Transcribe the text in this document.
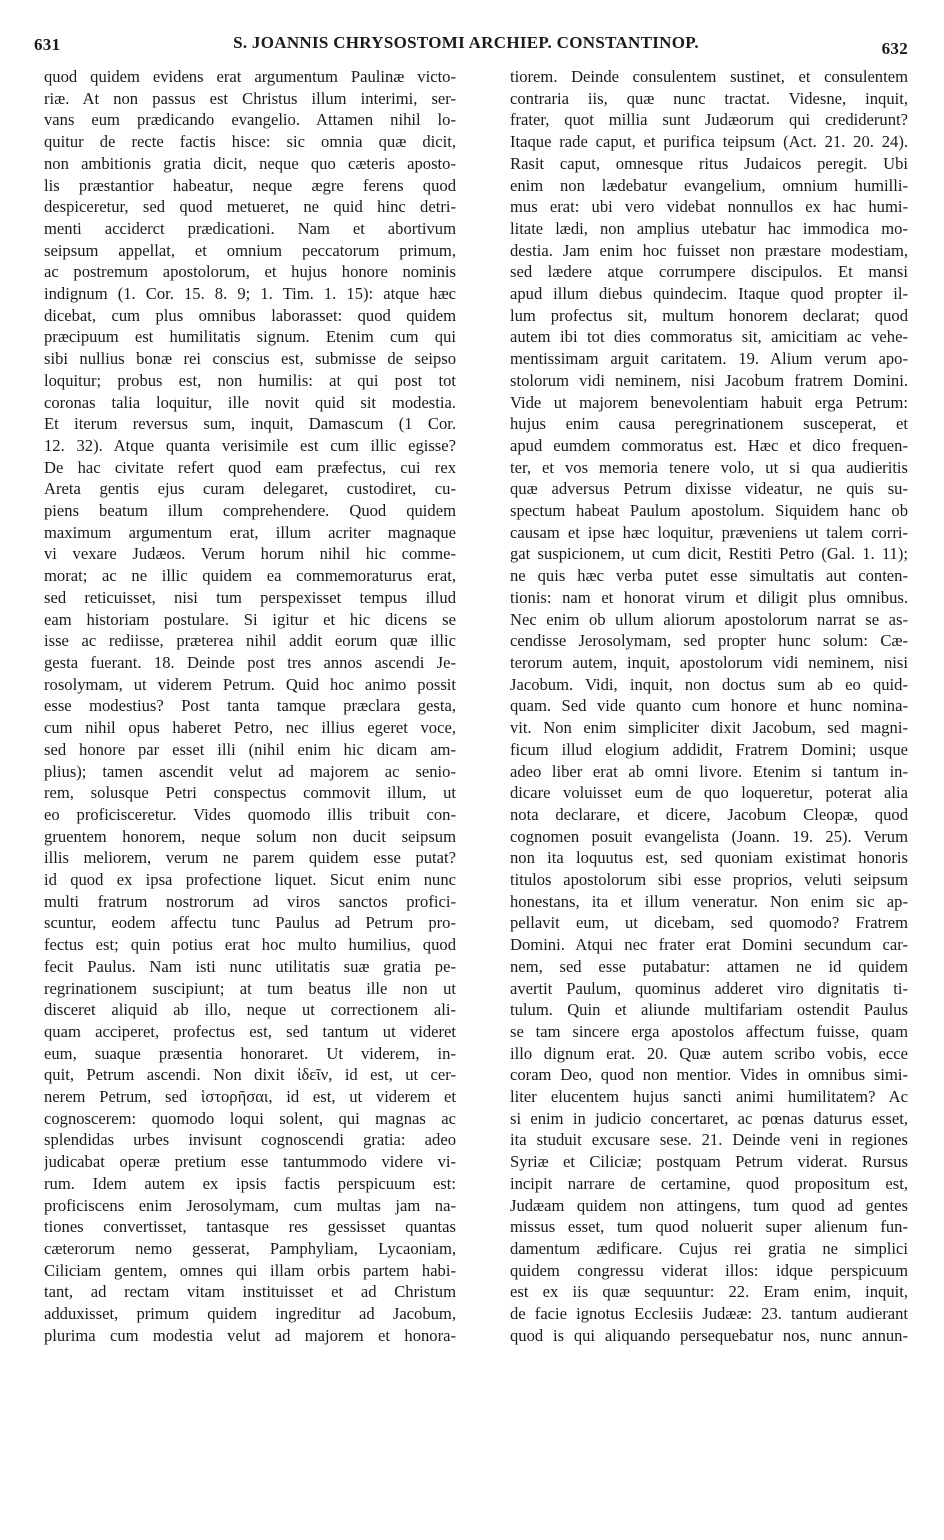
631	S. JOANNIS CHRYSOSTOMI ARCHIEP. CONSTANTINOP.	632
quod quidem evidens erat argumentum Paulinæ victo-
riæ. At non passus est Christus illum interimi, ser-
vans eum prædicando evangelio. Attamen nihil lo-
quitur de recte factis hisce: sic omnia quæ dicit,
non ambitionis gratia dicit, neque quo cæteris aposto-
lis præstantior habeatur, neque ægre ferens quod
despiceretur, sed quod metueret, ne quid hinc detri-
menti acciderct prædicationi. Nam et abortivum
seipsum appellat, et omnium peccatorum primum,
ac postremum apostolorum, et hujus honore nominis
indignum (1. Cor. 15. 8. 9; 1. Tim. 1. 15): atque hæc
dicebat, cum plus omnibus laborasset: quod quidem
præcipuum est humilitatis signum. Etenim cum qui
sibi nullius bonæ rei conscius est, submisse de seipso
loquitur; probus est, non humilis: at qui post tot
coronas talia loquitur, ille novit quid sit modestia.
Et iterum reversus sum, inquit, Damascum (1 Cor.
12. 32). Atque quanta verisimile est cum illic egisse?
De hac civitate refert quod eam præfectus, cui rex
Areta gentis ejus curam delegaret, custodiret, cu-
piens beatum illum comprehendere. Quod quidem
maximum argumentum erat, illum acriter magnaque
vi vexare Judæos. Verum horum nihil hic comme-
morat; ac ne illic quidem ea commemoraturus erat,
sed reticuisset, nisi tum perspexisset tempus illud
eam historiam postulare. Si igitur et hic dicens se
isse ac rediisse, præterea nihil addit eorum quæ illic
gesta fuerant. 18. Deinde post tres annos ascendi Je-
rosolymam, ut viderem Petrum. Quid hoc animo possit
esse modestius? Post tanta tamque præclara gesta,
cum nihil opus haberet Petro, nec illius egeret voce,
sed honore par esset illi (nihil enim hic dicam am-
plius); tamen ascendit velut ad majorem ac senio-
rem, solusque Petri conspectus commovit illum, ut
eo proficisceretur. Vides quomodo illis tribuit con-
gruentem honorem, neque solum non ducit seipsum
illis meliorem, verum ne parem quidem esse putat?
id quod ex ipsa profectione liquet. Sicut enim nunc
multi fratrum nostrorum ad viros sanctos profici-
scuntur, eodem affectu tunc Paulus ad Petrum pro-
fectus est; quin potius erat hoc multo humilius, quod
fecit Paulus. Nam isti nunc utilitatis suæ gratia pe-
regrinationem suscipiunt; at tum beatus ille non ut
disceret aliquid ab illo, neque ut correctionem ali-
quam acciperet, profectus est, sed tantum ut videret
eum, suaque præsentia honoraret. Ut viderem, in-
quit, Petrum ascendi. Non dixit ἰδεῖν, id est, ut cer-
nerem Petrum, sed ἱστορῆσαι, id est, ut viderem et
cognoscerem: quomodo loqui solent, qui magnas ac
splendidas urbes invisunt cognoscendi gratia: adeo
judicabat operæ pretium esse tantummodo videre vi-
rum. Idem autem ex ipsis factis perspicuum est:
proficiscens enim Jerosolymam, cum multas jam na-
tiones convertisset, tantasque res gessisset quantas
cæterorum nemo gesserat, Pamphyliam, Lycaoniam,
Ciliciam gentem, omnes qui illam orbis partem habi-
tant, ad rectam vitam instituisset et ad Christum
adduxisset, primum quidem ingreditur ad Jacobum,
plurima cum modestia velut ad majorem et honora-
tiorem. Deinde consulentem sustinet, et consulentem
contraria iis, quæ nunc tractat. Videsne, inquit,
frater, quot millia sunt Judæorum qui crediderunt?
Itaque rade caput, et purifica teipsum (Act. 21. 20. 24).
Rasit caput, omnesque ritus Judaicos peregit. Ubi
enim non lædebatur evangelium, omnium humilli-
mus erat: ubi vero videbat nonnullos ex hac humi-
litate lædi, non amplius utebatur hac immodica mo-
destia. Jam enim hoc fuisset non præstare modestiam,
sed lædere atque corrumpere discipulos. Et mansi
apud illum diebus quindecim. Itaque quod propter il-
lum profectus sit, multum honorem declarat; quod
autem ibi tot dies commoratus sit, amicitiam ac vehe-
mentissimam arguit caritatem. 19. Alium verum apo-
stolorum vidi neminem, nisi Jacobum fratrem Domini.
Vide ut majorem benevolentiam habuit erga Petrum:
hujus enim causa peregrinationem susceperat, et
apud eumdem commoratus est. Hæc et dico frequen-
ter, et vos memoria tenere volo, ut si qua audieritis
quæ adversus Petrum dixisse videatur, ne quis su-
spectum habeat Paulum apostolum. Siquidem hanc ob
causam et ipse hæc loquitur, præveniens ut talem corri-
gat suspicionem, ut cum dicit, Restiti Petro (Gal. 1. 11);
ne quis hæc verba putet esse simultatis aut conten-
tionis: nam et honorat virum et diligit plus omnibus.
Nec enim ob ullum aliorum apostolorum narrat se as-
cendisse Jerosolymam, sed propter hunc solum: Cæ-
terorum autem, inquit, apostolorum vidi neminem, nisi
Jacobum. Vidi, inquit, non doctus sum ab eo quid-
quam. Sed vide quanto cum honore et hunc nomina-
vit. Non enim simpliciter dixit Jacobum, sed magni-
ficum illud elogium addidit, Fratrem Domini; usque
adeo liber erat ab omni livore. Etenim si tantum in-
dicare voluisset eum de quo loqueretur, poterat alia
nota declarare, et dicere, Jacobum Cleopæ, quod
cognomen posuit evangelista (Joann. 19. 25). Verum
non ita loquutus est, sed quoniam existimat honoris
titulos apostolorum sibi esse proprios, veluti seipsum
honestans, ita et illum veneratur. Non enim sic ap-
pellavit eum, ut dicebam, sed quomodo? Fratrem
Domini. Atqui nec frater erat Domini secundum car-
nem, sed esse putabatur: attamen ne id quidem
avertit Paulum, quominus adderet viro dignitatis ti-
tulum. Quin et aliunde multifariam ostendit Paulus
se tam sincere erga apostolos affectum fuisse, quam
illo dignum erat. 20. Quæ autem scribo vobis, ecce
coram Deo, quod non mentior. Vides in omnibus simi-
liter elucentem hujus sancti animi humilitatem? Ac
si enim in judicio concertaret, ac pœnas daturus esset,
ita studuit excusare sese. 21. Deinde veni in regiones
Syriæ et Ciliciæ; postquam Petrum viderat. Rursus
incipit narrare de certamine, quod propositum est,
Judæam quidem non attingens, tum quod ad gentes
missus esset, tum quod noluerit super alienum fun-
damentum ædificare. Cujus rei gratia ne simplici
quidem congressu viderat illos: idque perspicuum
est ex iis quæ sequuntur: 22. Eram enim, inquit,
de facie ignotus Ecclesiis Judææ: 23. tantum audierant
quod is qui aliquando persequebatur nos, nunc annun-
